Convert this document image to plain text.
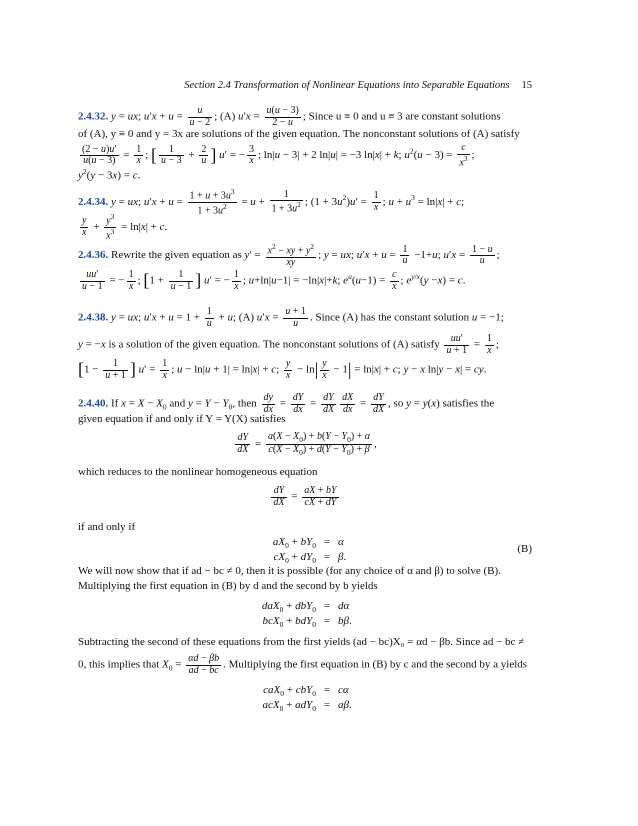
Section 2.4 Transformation of Nonlinear Equations into Separable Equations 15
2.4.32. y = ux; $u'x + u = \frac{u}{u - 2}$ ; (A) $u'x = \frac{u(u - 3)}{2 - u}$ ; Since u ≡ 0 and u ≡ 3 are constant solutions
of (A), y ≡ 0 and y = 3x are solutions of the given equation. The nonconstant solutions of (A) satisfy
$\frac{(2 - u)u'}{u(u - 3)} = \frac{1}{x}$ ; [ $\frac{1}{u - 3} + \frac{2}{u}$ ] u′ = − $\frac{3}{x}$ ; ln|u − 3| + 2 ln|u| = −3 ln|x| + k; $u^2(u - 3) = \frac{c}{x^3}$ ;
$y^2(y - 3x) = c$.
2.4.34. y = ux; $u'x + u = \frac{1 + u + 3u^3}{1 + 3u^2} = u + \frac{1}{1 + 3u^2}$ ; $(1 + 3u^2)u' = \frac{1}{x}$ ; $u + u^3 = \ln|x| + c$;
$\frac{y}{x} + \frac{y^3}{x^3} = \ln|x| + c$.
2.4.36. Rewrite the given equation as $y' = \frac{x^2 - xy + y^2}{xy}$ ; y = ux; $u'x + u = \frac{1}{u} -1+u$; $u'x = \frac{1 - u}{u}$ ;
$\frac{uu'}{u - 1}$ = − $\frac{1}{x}$ ; [$1 + \frac{1}{u - 1}$ ] u′ = − $\frac{1}{x}$ ; u+ln|u−1| = −ln|x|+k; $e^u(u-1) = \frac{c}{x}$ ; $e^{y/x}(y -x) = c$.
2.4.38. y = ux; $u'x + u = 1 + \frac{1}{u} + u$; (A) $u'x = \frac{u + 1}{u}$ . Since (A) has the constant solution u = −1;
y = −x is a solution of the given equation. The nonconstant solutions of (A) satisfy $\frac{uu'}{u + 1} = \frac{1}{x}$ ;
[$1 - \frac{1}{u + 1}$ ] $u' = \frac{1}{x}$ ; u − ln|u + 1| = ln|x| + c; $\frac{y}{x} - \ln| \frac{y}{x} - 1| = \ln|x| + c$; y − x ln|y − x| = cy.
2.4.40. If $x = X - X_0$ and $y = Y - Y_0$, then $\frac{dy}{dx} = \frac{dY}{dx} = \frac{dY}{dX} \frac{dX}{dx} = \frac{dY}{dX}$ , so y = y(x) satisfies the
given equation if and only if Y = Y(X) satisfies
$\frac{dY}{dX} = \frac{a(X - X_0) + b(Y - Y_0) + \alpha}{c(X - X_0) + d(Y - Y_0) + \beta}$ ,
which reduces to the nonlinear homogeneous equation
$\frac{dY}{dX} = \frac{aX + bY}{cX + dY}$
if and only if
$aX_0 + bY_0 = \alpha$
$cX_0 + dY_0 = \beta$.
(B)
We will now show that if ad − bc ≠ 0, then it is possible (for any choice of α and β) to solve (B).
Multiplying the first equation in (B) by d and the second by b yields
daX$_0$ + dbY$_0$ = dα
bcX$_0$ + bdY$_0$ = bβ.
Subtracting the second of these equations from the first yields (ad − bc)X₀ = αd − βb. Since ad − bc ≠
0, this implies that $X_0 = \frac{\alpha d - \beta b}{ad - bc}$ . Multiplying the first equation in (B) by c and the second by a yields
caX$_0$ + cbY$_0$ = cα
acX$_0$ + adY$_0$ = aβ.
